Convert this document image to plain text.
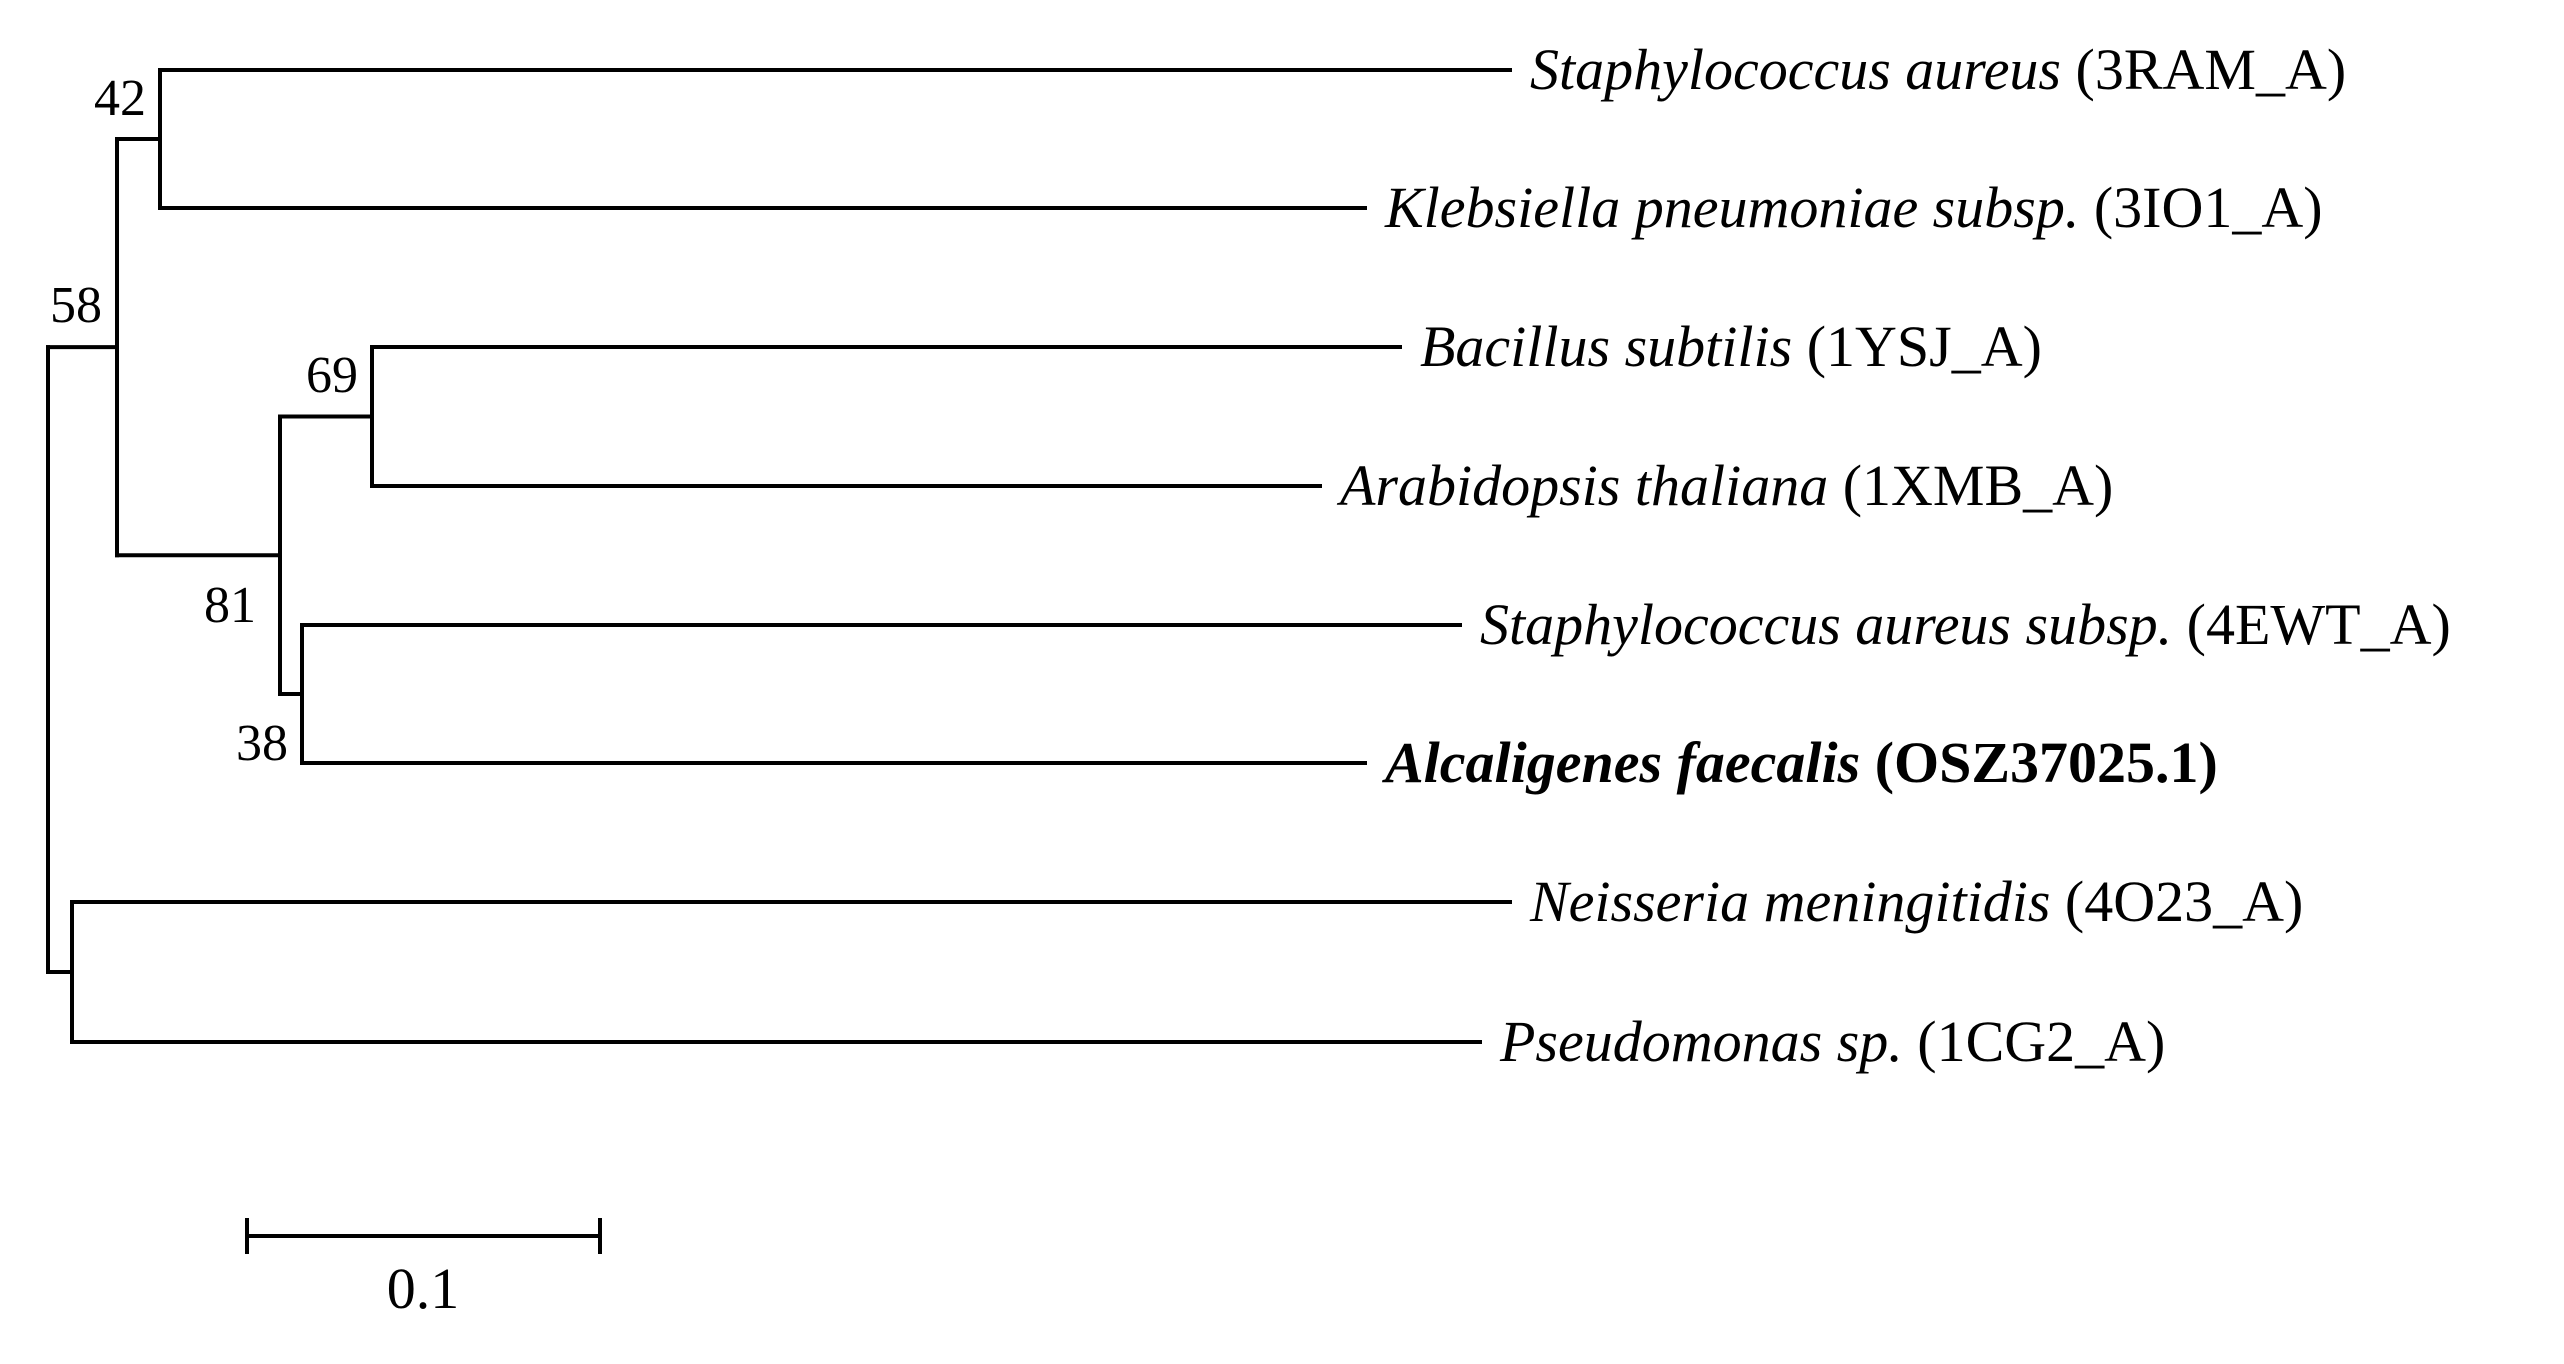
Staphylococcus aureus (3RAM_A)
Klebsiella pneumoniae subsp. (3IO1_A)
Bacillus subtilis (1YSJ_A)
Arabidopsis thaliana (1XMB_A)
Staphylococcus aureus subsp. (4EWT_A)
Alcaligenes faecalis (OSZ37025.1)
Neisseria meningitidis (4O23_A)
Pseudomonas sp. (1CG2_A)
42
58
69
81
38
0.1
